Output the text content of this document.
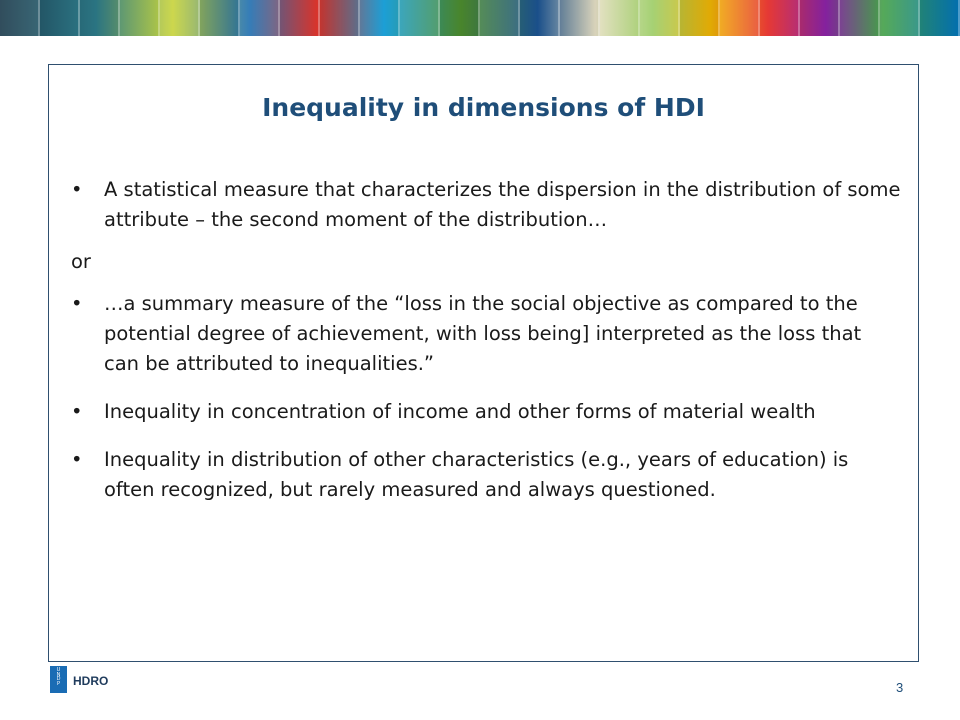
Inequality in dimensions of HDI
• A statistical measure that characterizes the dispersion in the distribution of some attribute – the second moment of the distribution…
or
• …a summary measure of the “loss in the social objective as compared to the potential degree of achievement, with loss being] interpreted as the loss that can be attributed to inequalities.”
• Inequality in concentration of income and other forms of material wealth
• Inequality in distribution of other characteristics (e.g., years of education) is often recognized, but rarely measured and always questioned.
U
N
D
P	HDRO	3
